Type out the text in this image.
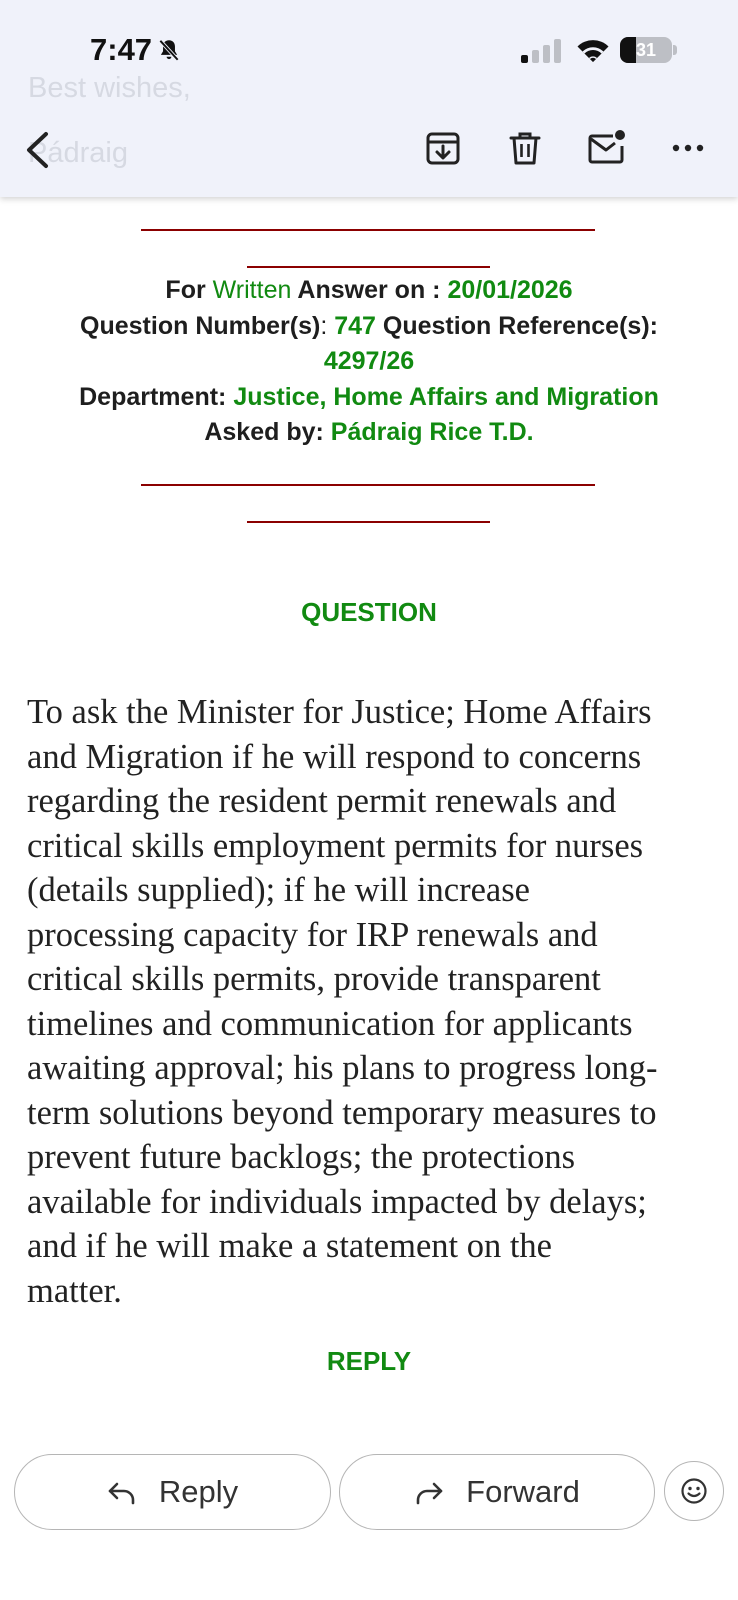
Best wishes,
Pádraig
7:47	31
For Written Answer on : 20/01/2026
Question Number(s): 747 Question Reference(s):
4297/26
Department: Justice, Home Affairs and Migration
Asked by: Pádraig Rice T.D.
QUESTION
To ask the Minister for Justice; Home Affairs
and Migration if he will respond to concerns
regarding the resident permit renewals and
critical skills employment permits for nurses
(details supplied); if he will increase
processing capacity for IRP renewals and
critical skills permits, provide transparent
timelines and communication for applicants
awaiting approval; his plans to progress long-
term solutions beyond temporary measures to
prevent future backlogs; the protections
available for individuals impacted by delays;
and if he will make a statement on the
matter.
REPLY
Reply	Forward
